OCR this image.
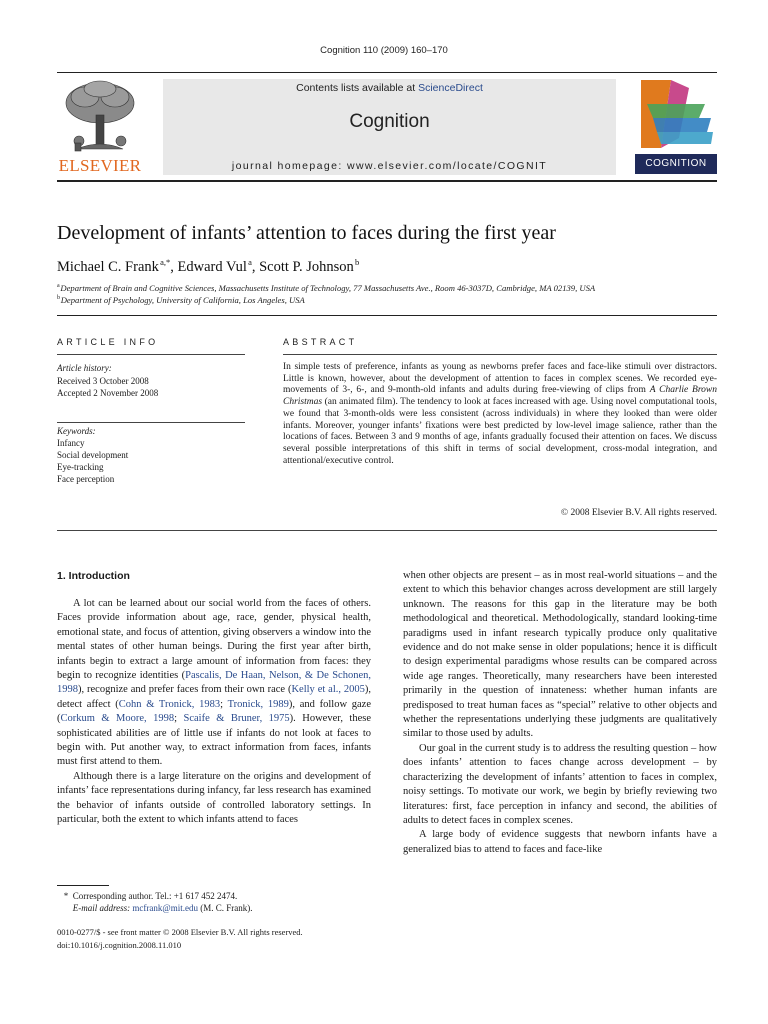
Cognition 110 (2009) 160–170
ELSEVIER
Contents lists available at ScienceDirect
Cognition
journal homepage: www.elsevier.com/locate/COGNIT	COGNITION
Development of infants’ attention to faces during the first year
Michael C. Frank $^{a,*}$, Edward Vul $^a$, Scott P. Johnson $^b$
$^a$ Department of Brain and Cognitive Sciences, Massachusetts Institute of Technology, 77 Massachusetts Ave., Room 46-3037D, Cambridge, MA 02139, USA
$^b$ Department of Psychology, University of California, Los Angeles, USA
ARTICLE INFO
Article history:
Received 3 October 2008
Accepted 2 November 2008
Keywords:
Infancy
Social development
Eye-tracking
Face perception
ABSTRACT
In simple tests of preference, infants as young as newborns prefer faces and face-like stimuli over distractors. Little is known, however, about the development of attention to faces in complex scenes. We recorded eye-movements of 3-, 6-, and 9-month-old infants and adults during free-viewing of clips from A Charlie Brown Christmas (an animated film). The tendency to look at faces increased with age. Using novel computational tools, we found that 3-month-olds were less consistent (across individuals) in where they looked than were older infants. Moreover, younger infants’ fixations were best predicted by low-level image salience, rather than the locations of faces. Between 3 and 9 months of age, infants gradually focused their attention on faces. We discuss several possible interpretations of this shift in terms of social development, cross-modal integration, and attentional/executive control.
© 2008 Elsevier B.V. All rights reserved.
1. Introduction

A lot can be learned about our social world from the faces of others. Faces provide information about age, race, gender, physical health, emotional state, and focus of attention, giving observers a window into the mental states of other human beings. During the first year after birth, infants begin to extract a large amount of information from faces: they begin to recognize identities (Pascalis, De Haan, Nelson, & De Schonen, 1998), recognize and prefer faces from their own race (Kelly et al., 2005), detect affect (Cohn & Tronick, 1983; Tronick, 1989), and follow gaze (Corkum & Moore, 1998; Scaife & Bruner, 1975). However, these sophisticated abilities are of little use if infants do not look at faces to begin with. Put another way, to extract information from faces, infants must first attend to them.

Although there is a large literature on the origins and development of infants’ face representations during infancy, far less research has examined the behavior of infants outside of controlled laboratory settings. In particular, both the extent to which infants attend to faces

when other objects are present – as in most real-world situations – and the extent to which this behavior changes across development are still largely unknown. The reasons for this gap in the literature may be both methodological and theoretical. Methodologically, standard looking-time paradigms used in infant research typically produce only qualitative evidence and do not make sense in older populations; hence it is difficult to design experimental paradigms whose results can be compared across wide age ranges. Theoretically, many researchers have been interested primarily in the question of innateness: whether human infants are predisposed to treat human faces as “special” relative to other objects and whether the representations underlying these judgments are qualitatively similar to those used by adults.

Our goal in the current study is to address the resulting question – how does infants’ attention to faces change across development – by characterizing the development of infants’ attention to faces in complex, noisy settings. To motivate our work, we begin by briefly reviewing two literatures: first, face perception in infancy and second, the abilities of adults to detect faces in complex scenes.

A large body of evidence suggests that newborn infants have a generalized bias to attend to faces and face-like

* Corresponding author. Tel.: +1 617 452 2474.
E-mail address: mcfrank@mit.edu (M. C. Frank).
0010-0277/$ - see front matter © 2008 Elsevier B.V. All rights reserved.
doi:10.1016/j.cognition.2008.11.010
